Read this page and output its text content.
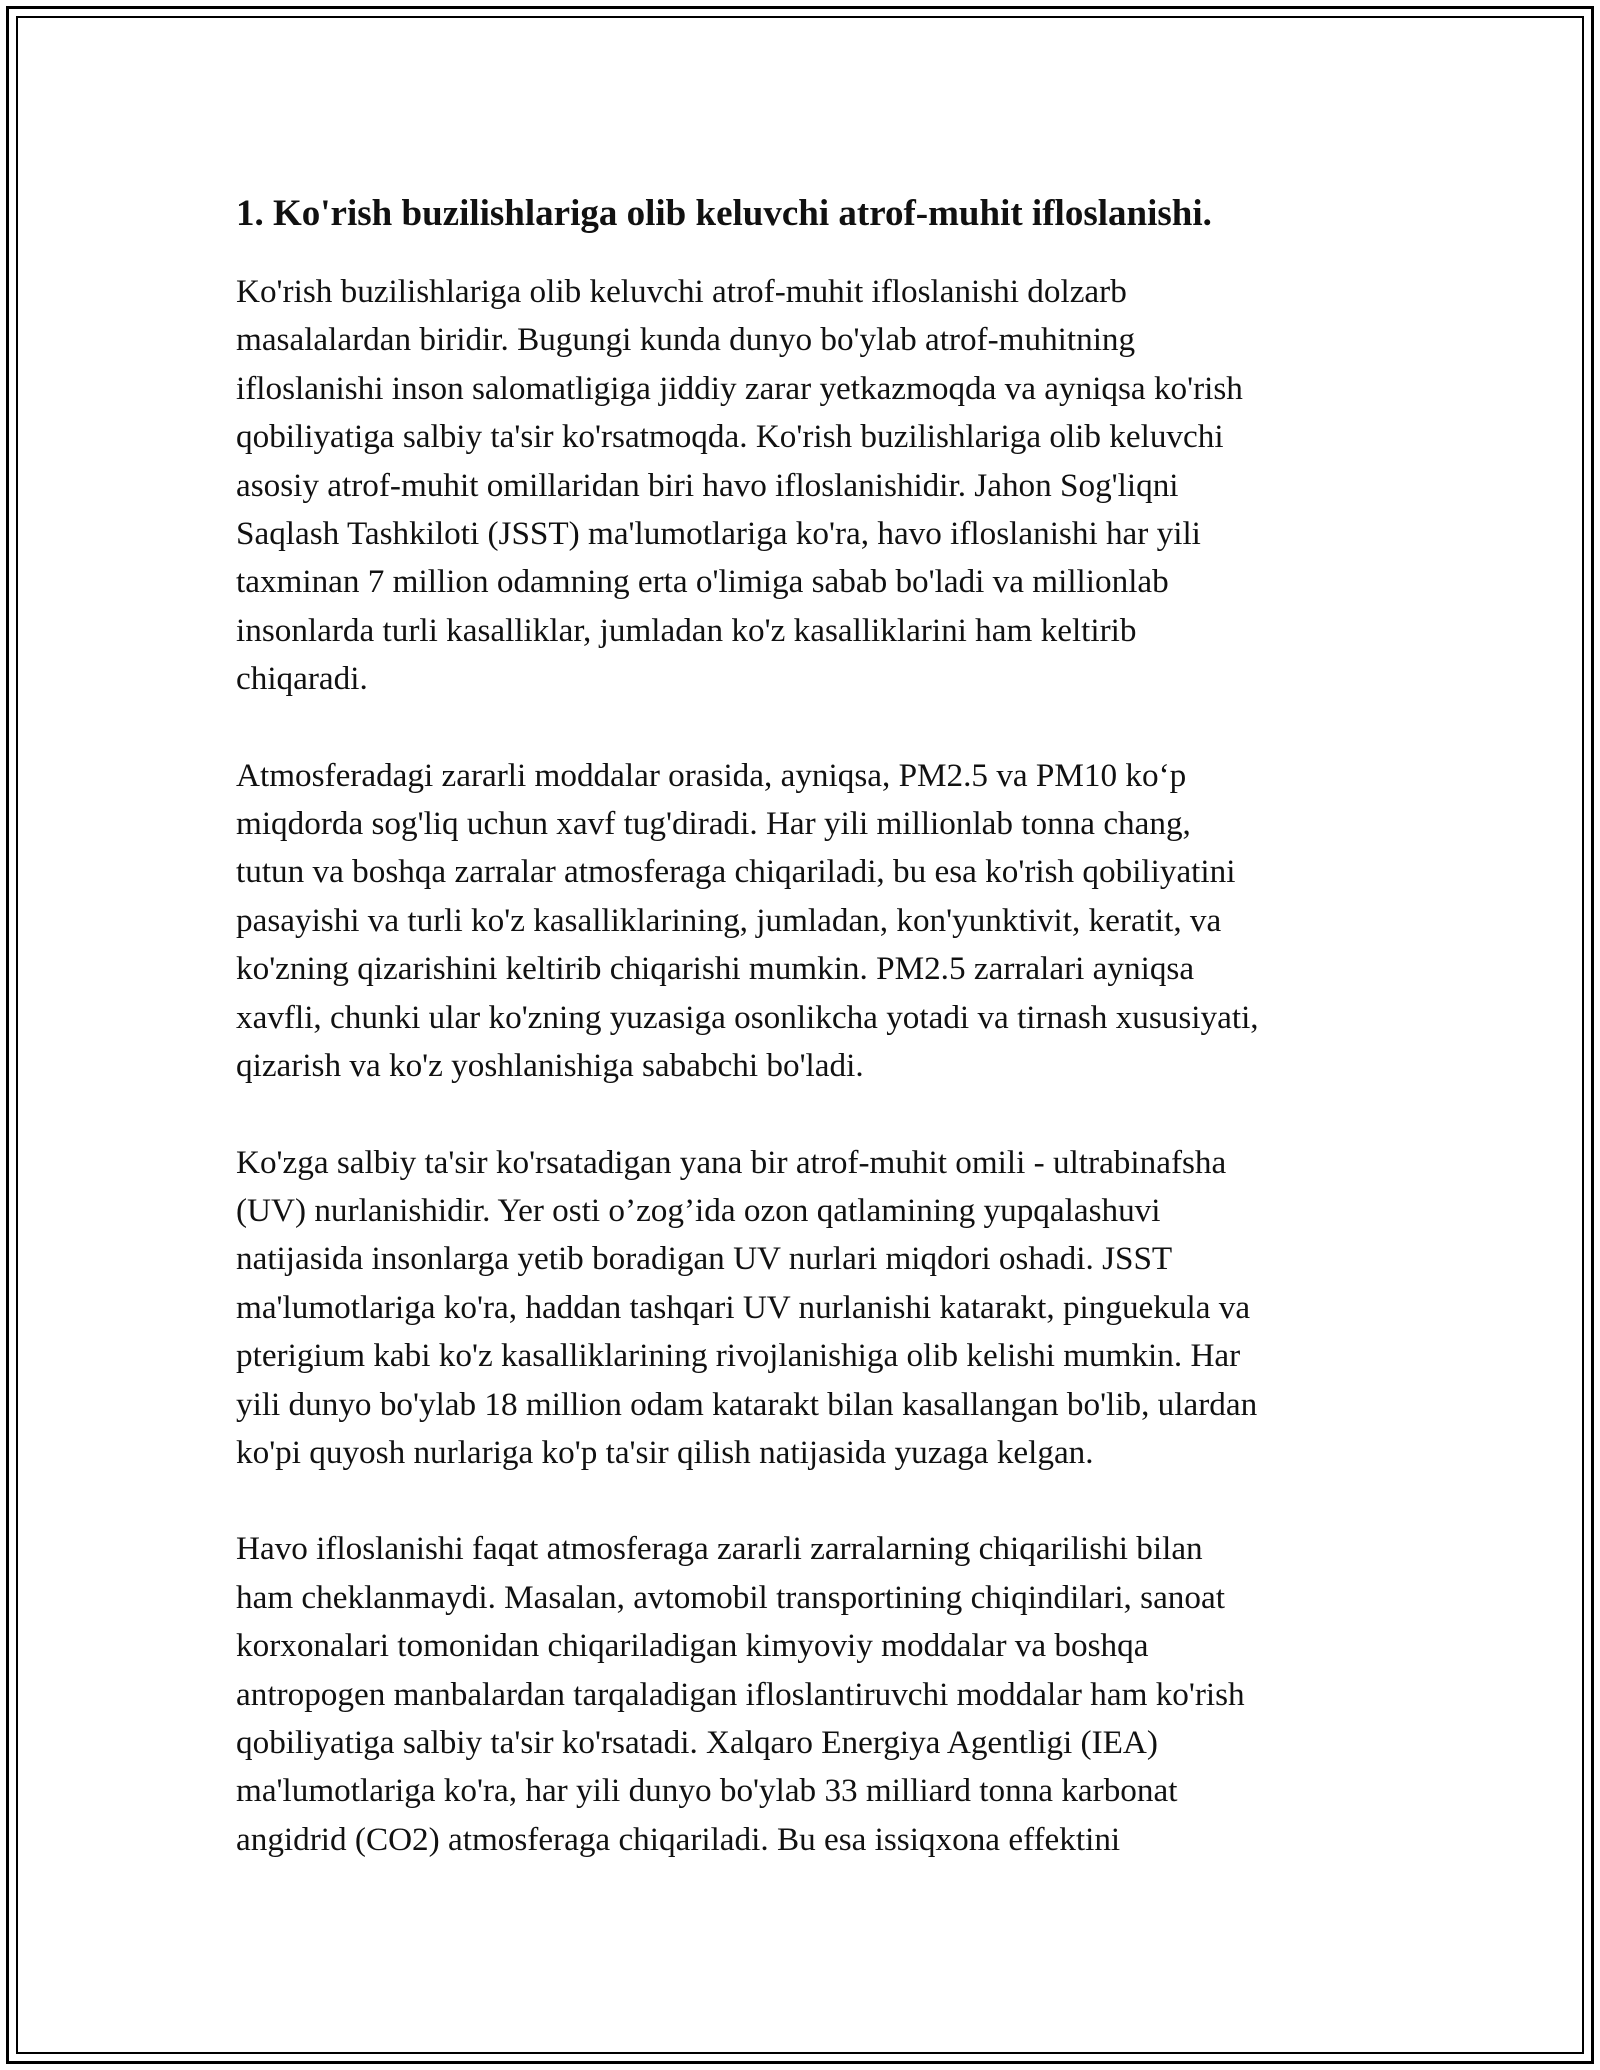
1. Ko'rish buzilishlariga olib keluvchi atrof-muhit ifloslanishi.

Ko'rish buzilishlariga olib keluvchi atrof-muhit ifloslanishi dolzarb
masalalardan biridir. Bugungi kunda dunyo bo'ylab atrof-muhitning
ifloslanishi inson salomatligiga jiddiy zarar yetkazmoqda va ayniqsa ko'rish
qobiliyatiga salbiy ta'sir ko'rsatmoqda. Ko'rish buzilishlariga olib keluvchi
asosiy atrof-muhit omillaridan biri havo ifloslanishidir. Jahon Sog'liqni
Saqlash Tashkiloti (JSST) ma'lumotlariga ko'ra, havo ifloslanishi har yili
taxminan 7 million odamning erta o'limiga sabab bo'ladi va millionlab
insonlarda turli kasalliklar, jumladan ko'z kasalliklarini ham keltirib
chiqaradi.

Atmosferadagi zararli moddalar orasida, ayniqsa, PM2.5 va PM10 ko‘p
miqdorda sog'liq uchun xavf tug'diradi. Har yili millionlab tonna chang,
tutun va boshqa zarralar atmosferaga chiqariladi, bu esa ko'rish qobiliyatini
pasayishi va turli ko'z kasalliklarining, jumladan, kon'yunktivit, keratit, va
ko'zning qizarishini keltirib chiqarishi mumkin. PM2.5 zarralari ayniqsa
xavfli, chunki ular ko'zning yuzasiga osonlikcha yotadi va tirnash xususiyati,
qizarish va ko'z yoshlanishiga sababchi bo'ladi.

Ko'zga salbiy ta'sir ko'rsatadigan yana bir atrof-muhit omili - ultrabinafsha
(UV) nurlanishidir. Yer osti o’zog’ida ozon qatlamining yupqalashuvi
natijasida insonlarga yetib boradigan UV nurlari miqdori oshadi. JSST
ma'lumotlariga ko'ra, haddan tashqari UV nurlanishi katarakt, pinguekula va
pterigium kabi ko'z kasalliklarining rivojlanishiga olib kelishi mumkin. Har
yili dunyo bo'ylab 18 million odam katarakt bilan kasallangan bo'lib, ulardan
ko'pi quyosh nurlariga ko'p ta'sir qilish natijasida yuzaga kelgan.

Havo ifloslanishi faqat atmosferaga zararli zarralarning chiqarilishi bilan
ham cheklanmaydi. Masalan, avtomobil transportining chiqindilari, sanoat
korxonalari tomonidan chiqariladigan kimyoviy moddalar va boshqa
antropogen manbalardan tarqaladigan ifloslantiruvchi moddalar ham ko'rish
qobiliyatiga salbiy ta'sir ko'rsatadi. Xalqaro Energiya Agentligi (IEA)
ma'lumotlariga ko'ra, har yili dunyo bo'ylab 33 milliard tonna karbonat
angidrid (CO2) atmosferaga chiqariladi. Bu esa issiqxona effektini
